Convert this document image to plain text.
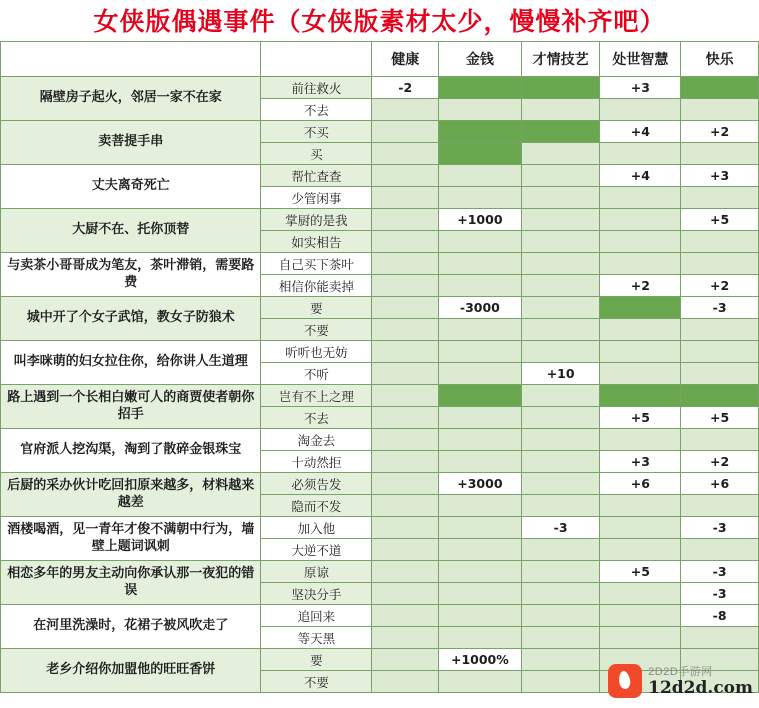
女侠版偶遇事件（女侠版素材太少，慢慢补齐吧）
		健康	金钱	才情技艺	处世智慧	快乐
隔壁房子起火，邻居一家不在家	前往救火	-2			+3	
	不去					
卖菩提手串	不买				+4	+2
	买					
丈夫离奇死亡	帮忙查查				+4	+3
	少管闲事					
大厨不在、托你顶替	掌厨的是我		+1000			+5
	如实相告					
与卖茶小哥哥成为笔友，茶叶滞销，需要路费	自己买下茶叶					
	相信你能卖掉				+2	+2
城中开了个女子武馆，教女子防狼术	要		-3000			-3
	不要					
叫李咪萌的妇女拉住你，给你讲人生道理	听听也无妨					
	不听			+10		
路上遇到一个长相白嫩可人的商贾使者朝你招手	岂有不上之理					
	不去				+5	+5
官府派人挖沟渠，淘到了散碎金银珠宝	淘金去					
	十动然拒				+3	+2
后厨的采办伙计吃回扣原来越多，材料越来越差	必须告发		+3000		+6	+6
	隐而不发					
酒楼喝酒，见一青年才俊不满朝中行为，墙壁上题词讽刺	加入他			-3		-3
	大逆不道					
相恋多年的男友主动向你承认那一夜犯的错误	原谅				+5	-3
	坚决分手					-3
在河里洗澡时，花裙子被风吹走了	追回来					-8
	等天黑					
老乡介绍你加盟他的旺旺香饼	要		+1000%			
	不要					
2D2D手游网
12d2d.com
